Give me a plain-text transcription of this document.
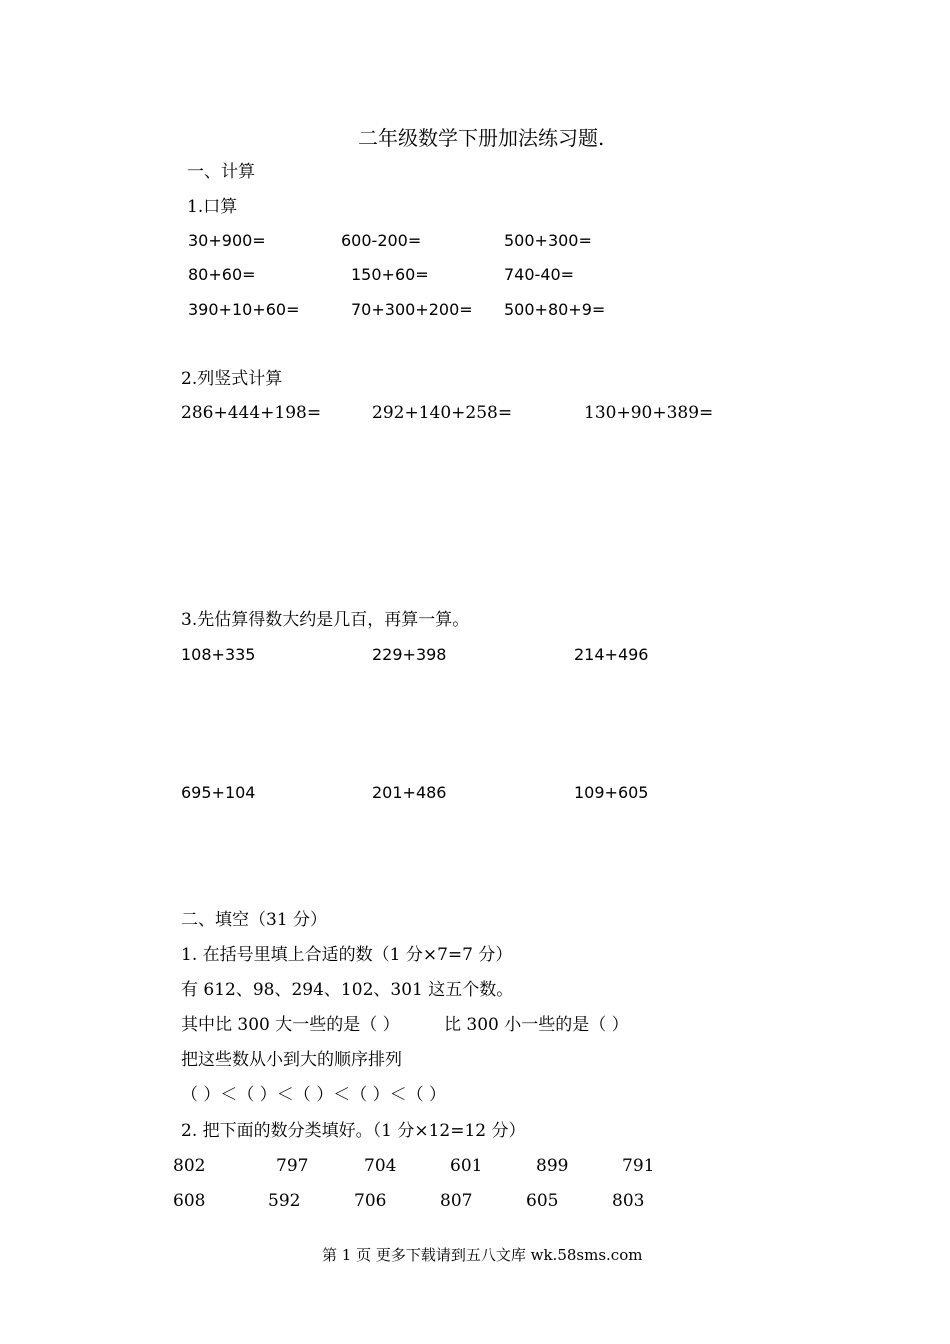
二年级数学下册加法练习题.
一、计算
1.口算
30+900=	600-200=	500+300=
80+60=	150+60=	740-40=
390+10+60=	70+300+200= 500+80+9=
2.列竖式计算
286+444+198=	292+140+258=	130+90+389=
3.先估算得数大约是几百，再算一算。
108+335	229+398	214+496
695+104	201+486	109+605
二、填空（31 分）
1. 在括号里填上合适的数（1 分×7=7 分）
有 612、98、294、102、301 这五个数。
其中比 300 大一些的是（ ）	比 300 小一些的是（ ）
把这些数从小到大的顺序排列
（ ）＜（ ）＜（ ）＜（ ）＜（ ）
2. 把下面的数分类填好。（1 分×12=12 分）
802	797	704	601	899	791
608	592	706	807	605	803
第 1 页 更多下载请到五八文库 wk.58sms.com
